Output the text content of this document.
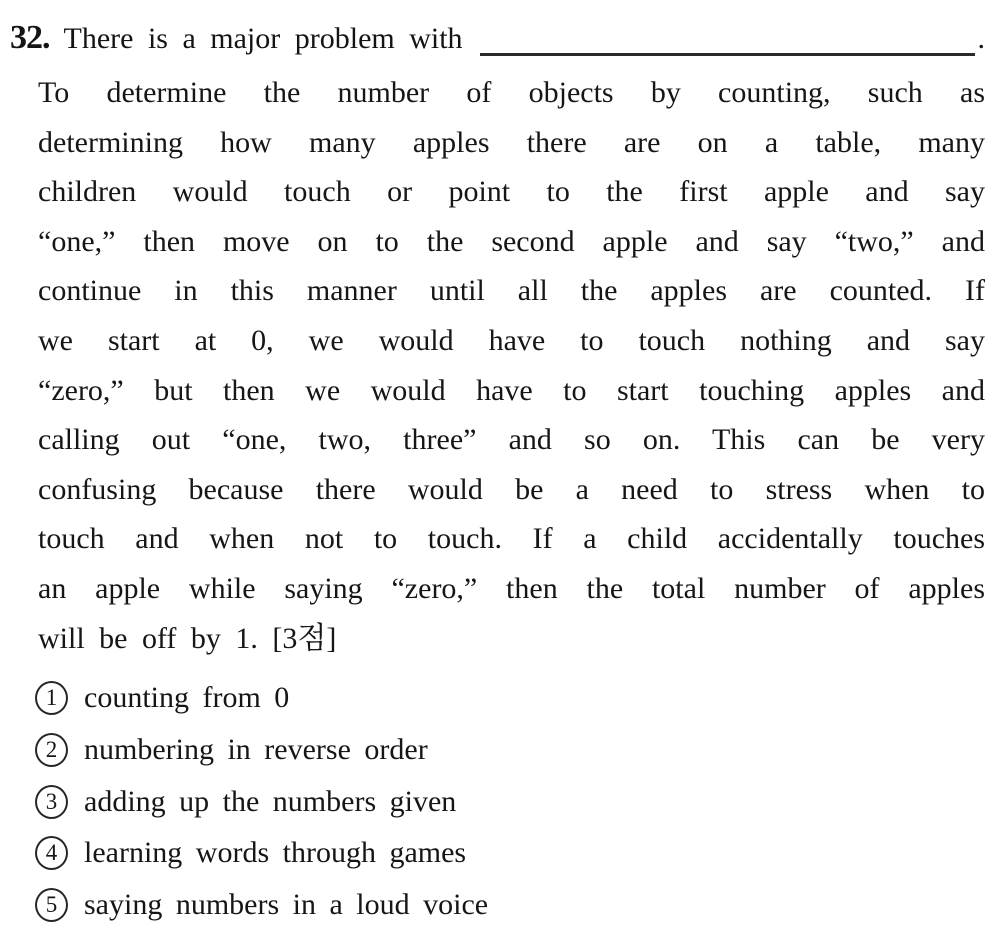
32. There is a major problem with	.
To determine the number of objects by counting, such as
determining how many apples there are on a table, many
children would touch or point to the first apple and say
“one,” then move on to the second apple and say “two,” and
continue in this manner until all the apples are counted. If
we start at 0, we would have to touch nothing and say
“zero,” but then we would have to start touching apples and
calling out “one, two, three” and so on. This can be very
confusing because there would be a need to stress when to
touch and when not to touch. If a child accidentally touches
an apple while saying “zero,” then the total number of apples
will be off by 1. [3점]
1 counting from 0
2 numbering in reverse order
3 adding up the numbers given
4 learning words through games
5 saying numbers in a loud voice
